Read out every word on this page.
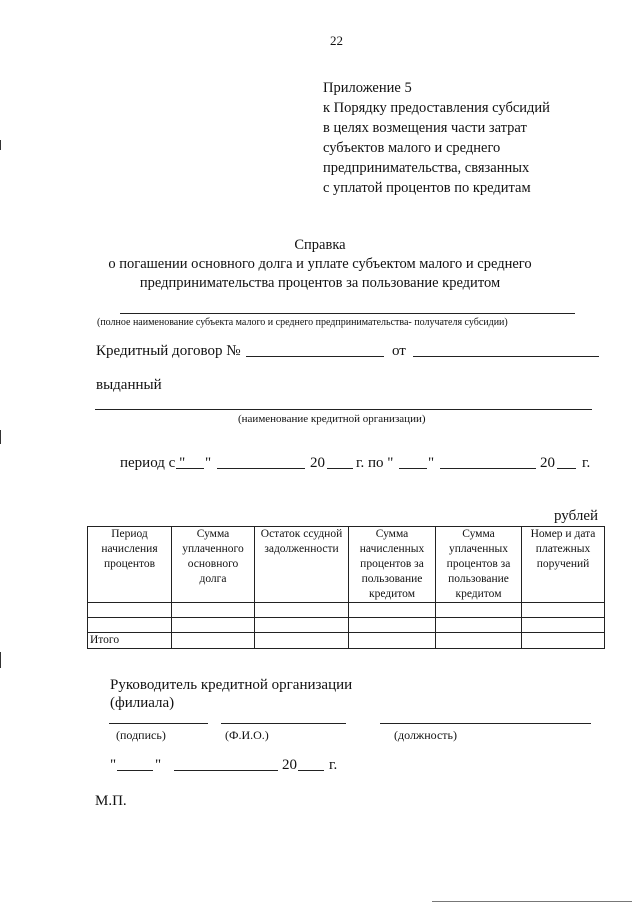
22
Приложение 5
к Порядку предоставления субсидий
в целях возмещения части затрат
субъектов малого и среднего
предпринимательства, связанных
с уплатой процентов по кредитам
Справка
о погашении основного долга и уплате субъектом малого и среднего
предпринимательства процентов за пользование кредитом
(полное наименование субъекта малого и среднего предпринимательства- получателя субсидии)
Кредитный договор №	от
выданный
(наименование кредитной организации)
период с " "	20 г. по " "	20 г.
рублей
Период начисления процентов	Сумма уплаченного основного долга	Остаток ссудной задолженности	Сумма начисленных процентов за пользование кредитом	Сумма уплаченных процентов за пользование кредитом	Номер и дата платежных поручений

Итого					
Руководитель кредитной организации
(филиала)
(подпись)	(Ф.И.О.)	(должность)
"	"	20 г.
М.П.
